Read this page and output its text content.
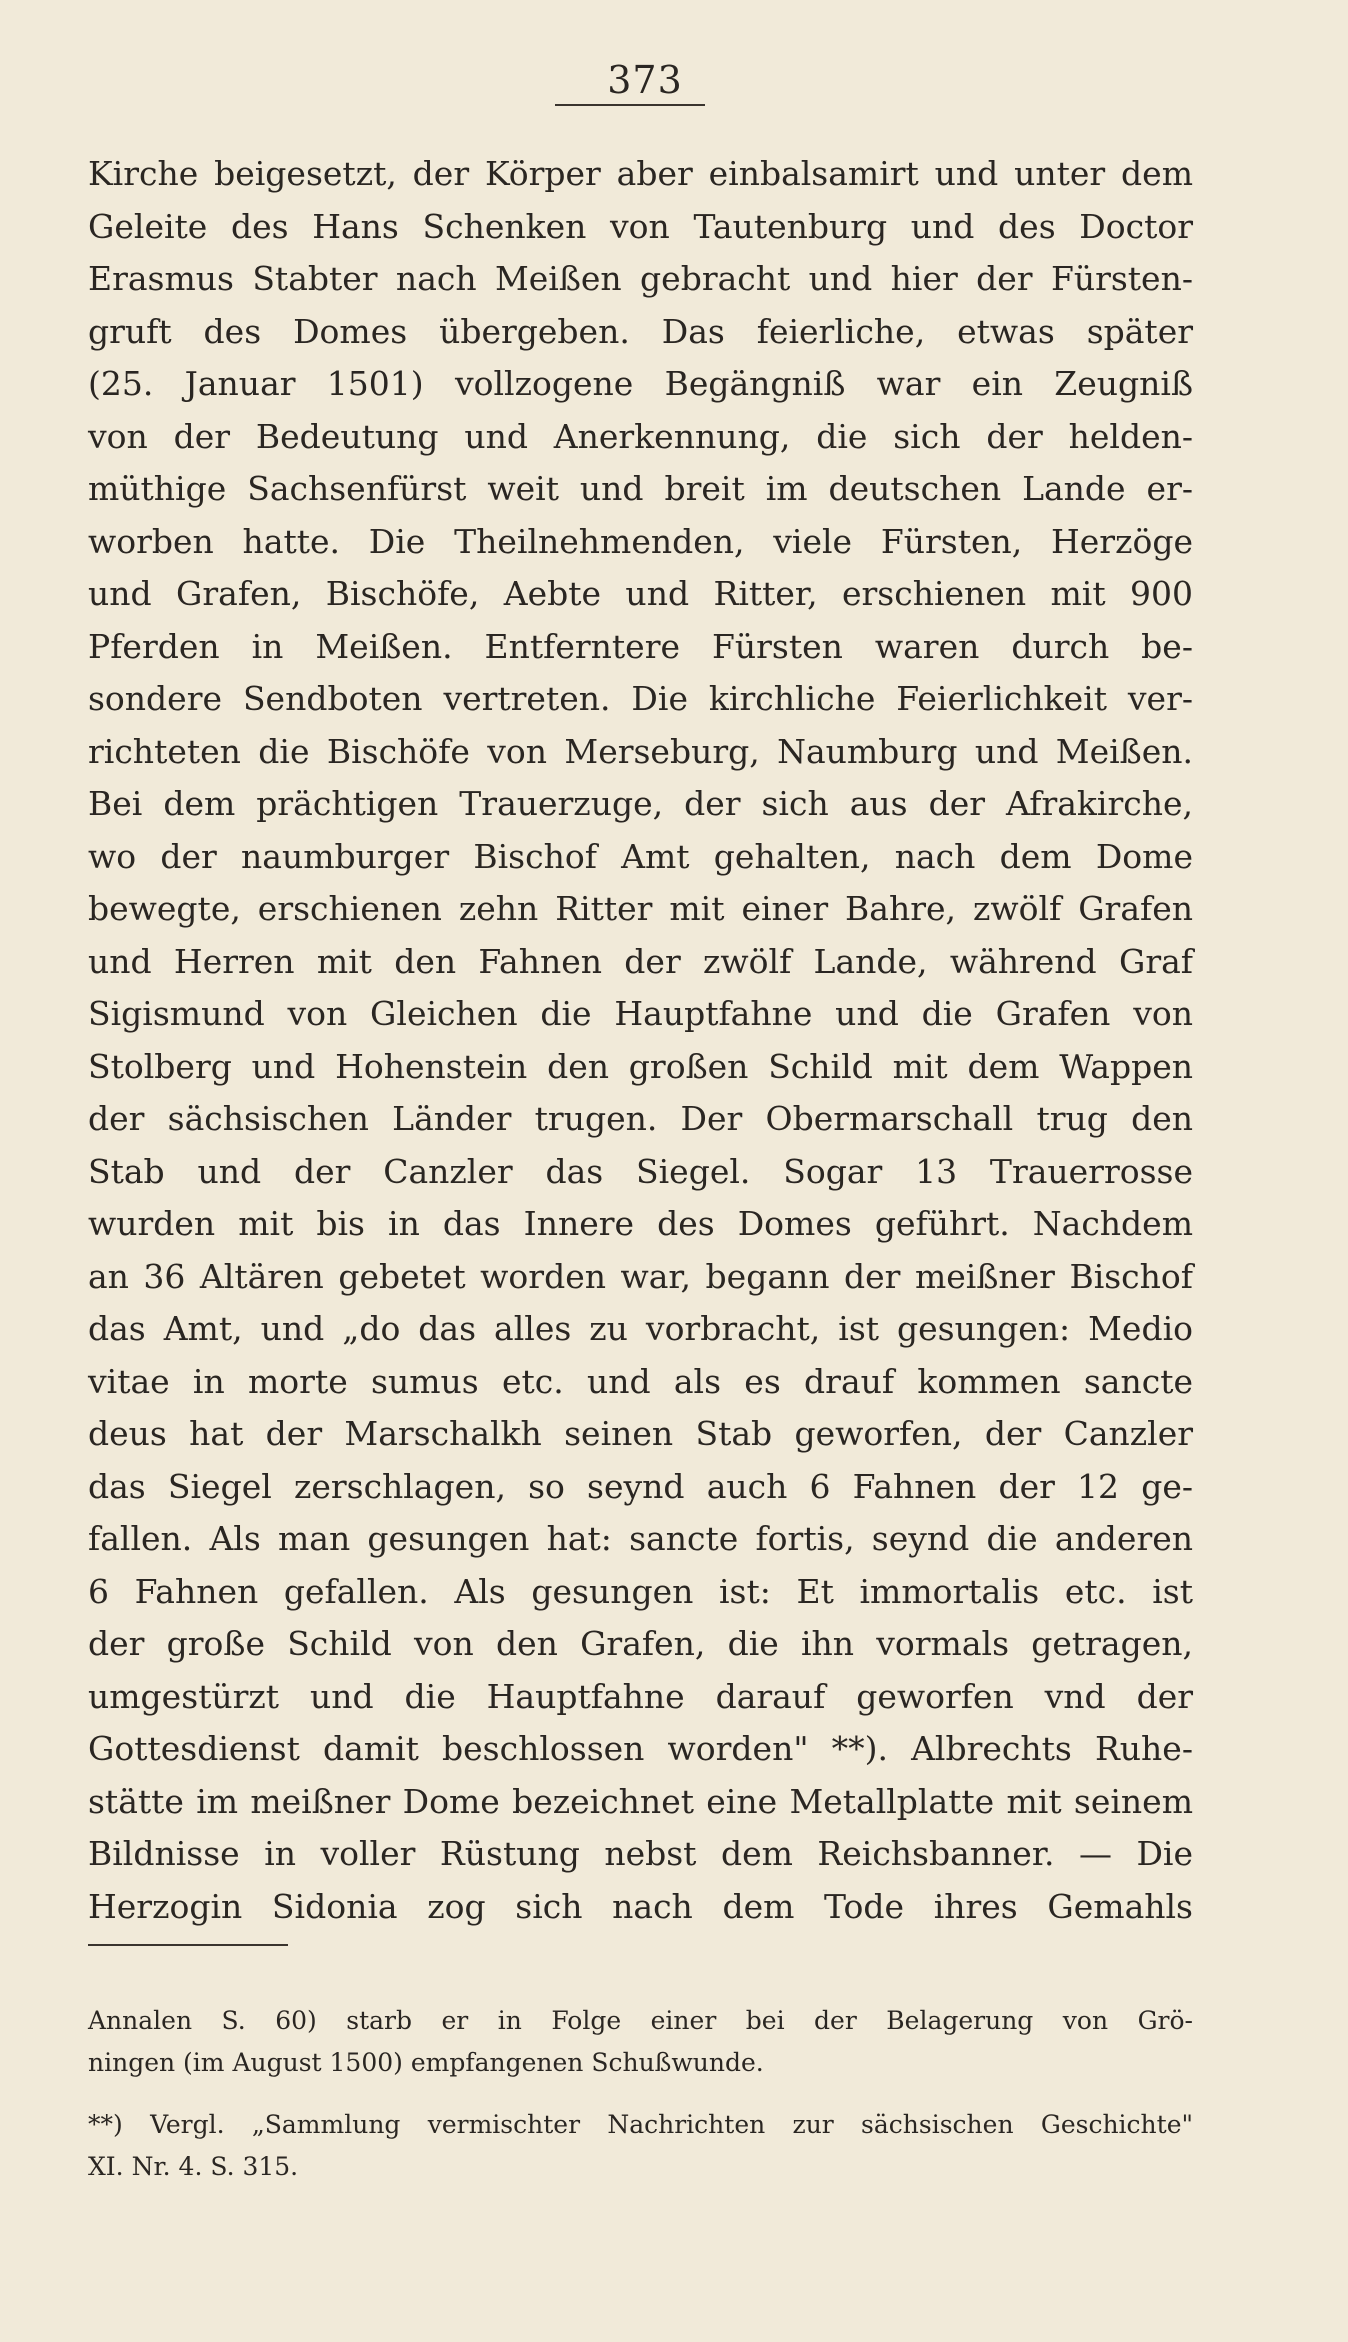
373
Kirche beigesetzt, der Körper aber einbalsamirt und unter dem
Geleite des Hans Schenken von Tautenburg und des Doctor
Erasmus Stabter nach Meißen gebracht und hier der Fürsten-
gruft des Domes übergeben. Das feierliche, etwas später
(25. Januar 1501) vollzogene Begängniß war ein Zeugniß
von der Bedeutung und Anerkennung, die sich der helden-
müthige Sachsenfürst weit und breit im deutschen Lande er-
worben hatte. Die Theilnehmenden, viele Fürsten, Herzöge
und Grafen, Bischöfe, Aebte und Ritter, erschienen mit 900
Pferden in Meißen. Entferntere Fürsten waren durch be-
sondere Sendboten vertreten. Die kirchliche Feierlichkeit ver-
richteten die Bischöfe von Merseburg, Naumburg und Meißen.
Bei dem prächtigen Trauerzuge, der sich aus der Afrakirche,
wo der naumburger Bischof Amt gehalten, nach dem Dome
bewegte, erschienen zehn Ritter mit einer Bahre, zwölf Grafen
und Herren mit den Fahnen der zwölf Lande, während Graf
Sigismund von Gleichen die Hauptfahne und die Grafen von
Stolberg und Hohenstein den großen Schild mit dem Wappen
der sächsischen Länder trugen. Der Obermarschall trug den
Stab und der Canzler das Siegel. Sogar 13 Trauerrosse
wurden mit bis in das Innere des Domes geführt. Nachdem
an 36 Altären gebetet worden war, begann der meißner Bischof
das Amt, und „do das alles zu vorbracht, ist gesungen: Medio
vitae in morte sumus etc. und als es drauf kommen sancte
deus hat der Marschalkh seinen Stab geworfen, der Canzler
das Siegel zerschlagen, so seynd auch 6 Fahnen der 12 ge-
fallen. Als man gesungen hat: sancte fortis, seynd die anderen
6 Fahnen gefallen. Als gesungen ist: Et immortalis etc. ist
der große Schild von den Grafen, die ihn vormals getragen,
umgestürzt und die Hauptfahne darauf geworfen vnd der
Gottesdienst damit beschlossen worden" **). Albrechts Ruhe-
stätte im meißner Dome bezeichnet eine Metallplatte mit seinem
Bildnisse in voller Rüstung nebst dem Reichsbanner. — Die
Herzogin Sidonia zog sich nach dem Tode ihres Gemahls
Annalen S. 60) starb er in Folge einer bei der Belagerung von Grö-
ningen (im August 1500) empfangenen Schußwunde.
**) Vergl. „Sammlung vermischter Nachrichten zur sächsischen Geschichte"
XI. Nr. 4. S. 315.
